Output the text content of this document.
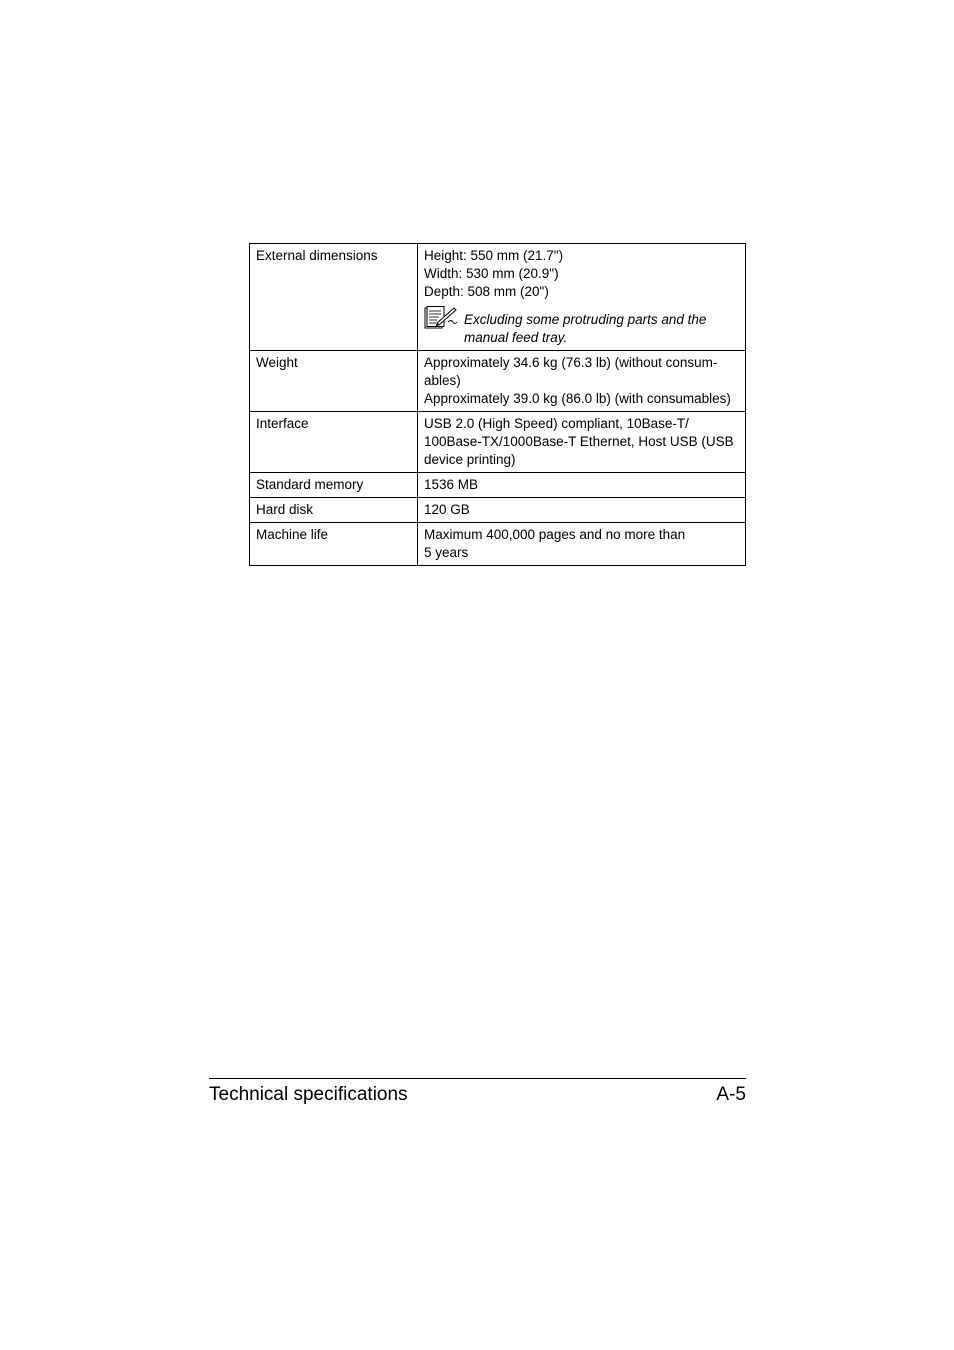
External dimensions	Height: 550 mm (21.7")
Width: 530 mm (20.9")
Depth: 508 mm (20")
Excluding some protruding parts and the manual feed tray.

Weight	Approximately 34.6 kg (76.3 lb) (without consum-
ables)
Approximately 39.0 kg (86.0 lb) (with consumables)

Interface	USB 2.0 (High Speed) compliant, 10Base-T/
100Base-TX/1000Base-T Ethernet, Host USB (USB
device printing)

Standard memory	1536 MB

Hard disk	120 GB

Machine life	Maximum 400,000 pages and no more than
5 years
Technical specifications	A-5
